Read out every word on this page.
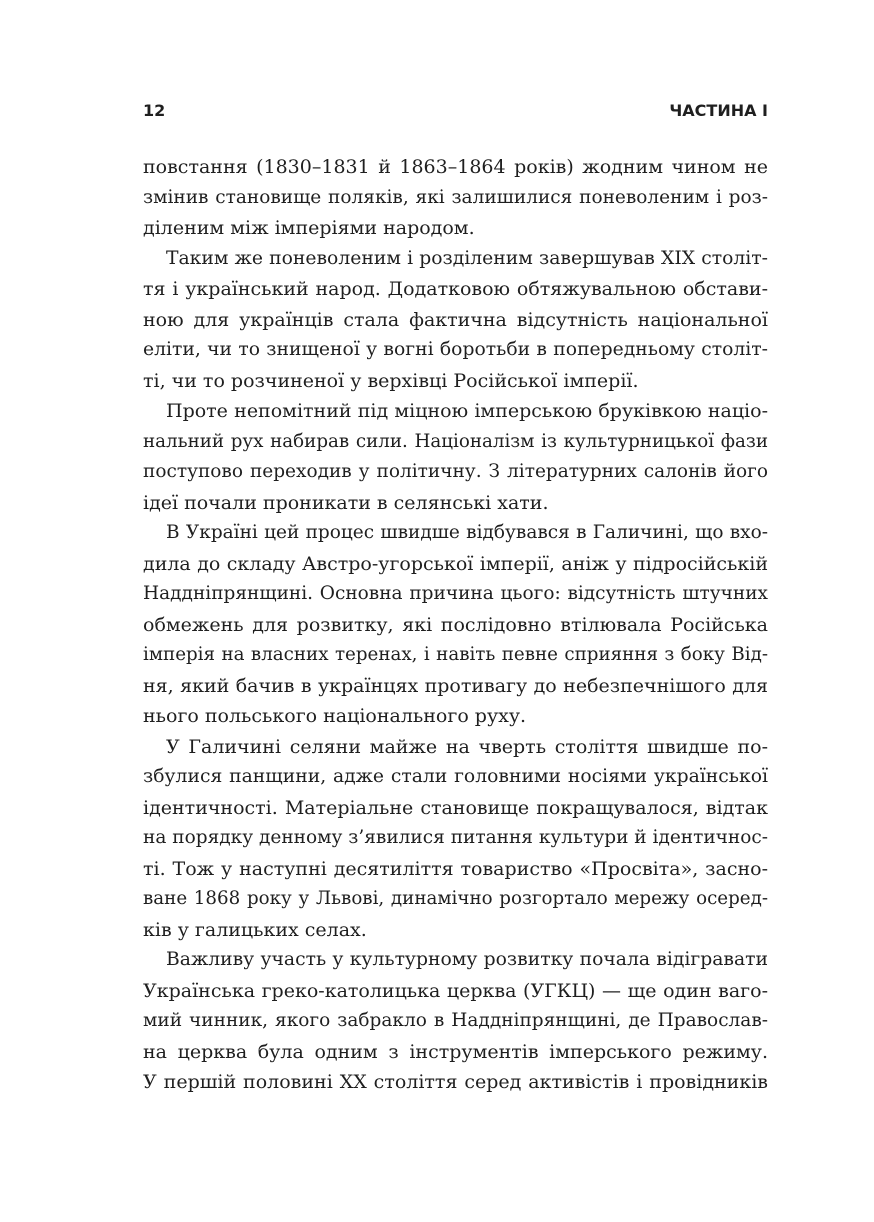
12	ЧАСТИНА І

повстання (1830–1831 й 1863–1864 років) жодним чином не
змінив становище поляків, які залишилися поневоленим і роз-
діленим між імперіями народом.

Таким же поневоленим і розділеним завершував ХІХ століт-
тя і український народ. Додатковою обтяжувальною обстави-
ною для українців стала фактична відсутність національної
еліти, чи то знищеної у вогні боротьби в попередньому століт-
ті, чи то розчиненої у верхівці Російської імперії.

Проте непомітний під міцною імперською бруківкою націо-
нальний рух набирав сили. Націоналізм із культурницької фази
поступово переходив у політичну. З літературних салонів його
ідеї почали проникати в селянські хати.

В Україні цей процес швидше відбувався в Галичині, що вхо-
дила до складу Австро-угорської імперії, аніж у підросійській
Наддніпрянщині. Основна причина цього: відсутність штучних
обмежень для розвитку, які послідовно втілювала Російська
імперія на власних теренах, і навіть певне сприяння з боку Від-
ня, який бачив в українцях противагу до небезпечнішого для
нього польського національного руху.

У Галичині селяни майже на чверть століття швидше по-
збулися панщини, адже стали головними носіями української
ідентичності. Матеріальне становище покращувалося, відтак
на порядку денному з’явилися питання культури й ідентичнос-
ті. Тож у наступні десятиліття товариство «Просвіта», засно-
ване 1868 року у Львові, динамічно розгортало мережу осеред-
ків у галицьких селах.

Важливу участь у культурному розвитку почала відігравати
Українська греко-католицька церква (УГКЦ) — ще один ваго-
мий чинник, якого забракло в Наддніпрянщині, де Православ-
на церква була одним з інструментів імперського режиму.
У першій половині ХХ століття серед активістів і провідників
